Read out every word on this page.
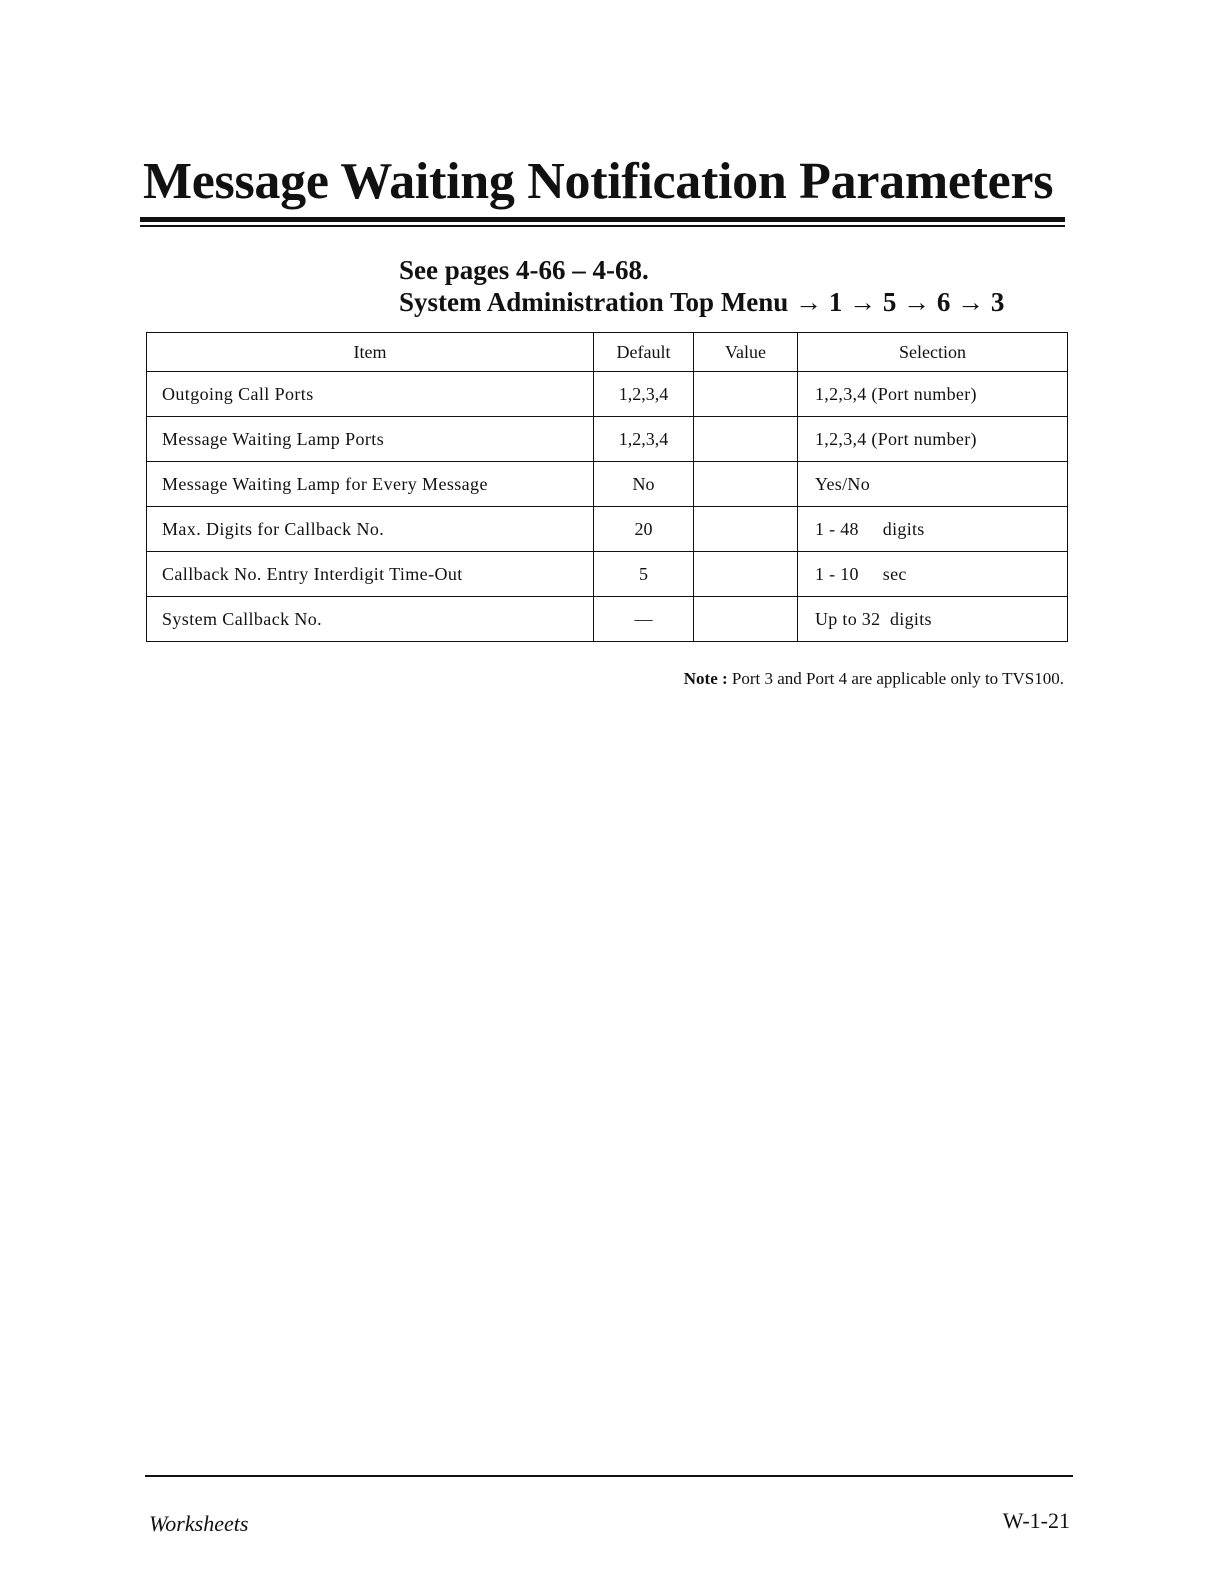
Message Waiting Notification Parameters
See pages 4-66 – 4-68.
System Administration Top Menu → 1 → 5 → 6 → 3
Item	Default	Value	Selection
Outgoing Call Ports	1,2,3,4		1,2,3,4 (Port number)
Message Waiting Lamp Ports	1,2,3,4		1,2,3,4 (Port number)
Message Waiting Lamp for Every Message	No		Yes/No
Max. Digits for Callback No.	20		1 - 48     digits
Callback No. Entry Interdigit Time-Out	5		1 - 10     sec
System Callback No.	—		Up to 32  digits
Note : Port 3 and Port 4 are applicable only to TVS100.
Worksheets	W-1-21
